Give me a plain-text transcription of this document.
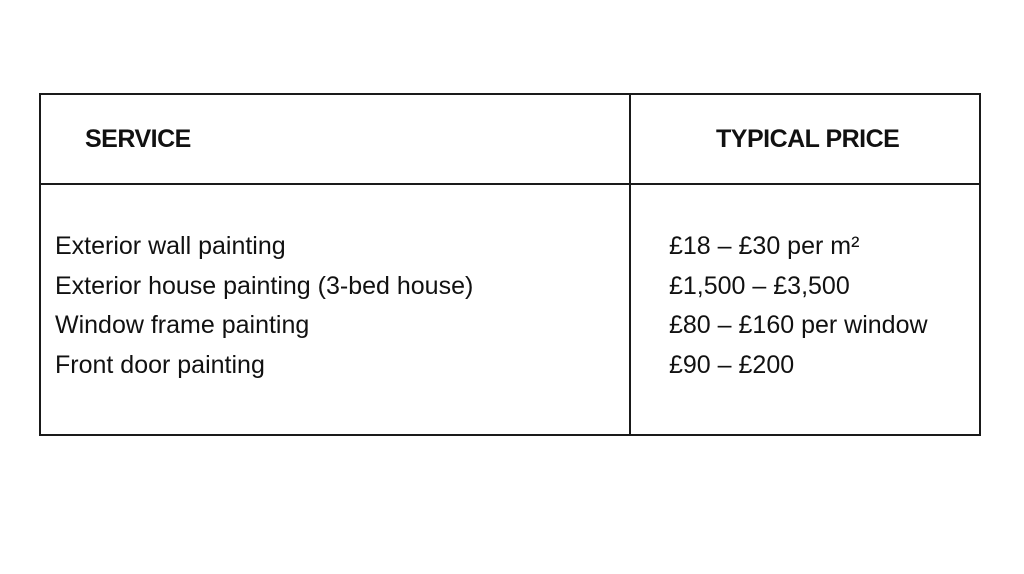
SERVICE	TYPICAL PRICE
Exterior wall painting
Exterior house painting (3-bed house)
Window frame painting
Front door painting
£18 – £30 per m²
£1,500 – £3,500
£80 – £160 per window
£90 – £200
